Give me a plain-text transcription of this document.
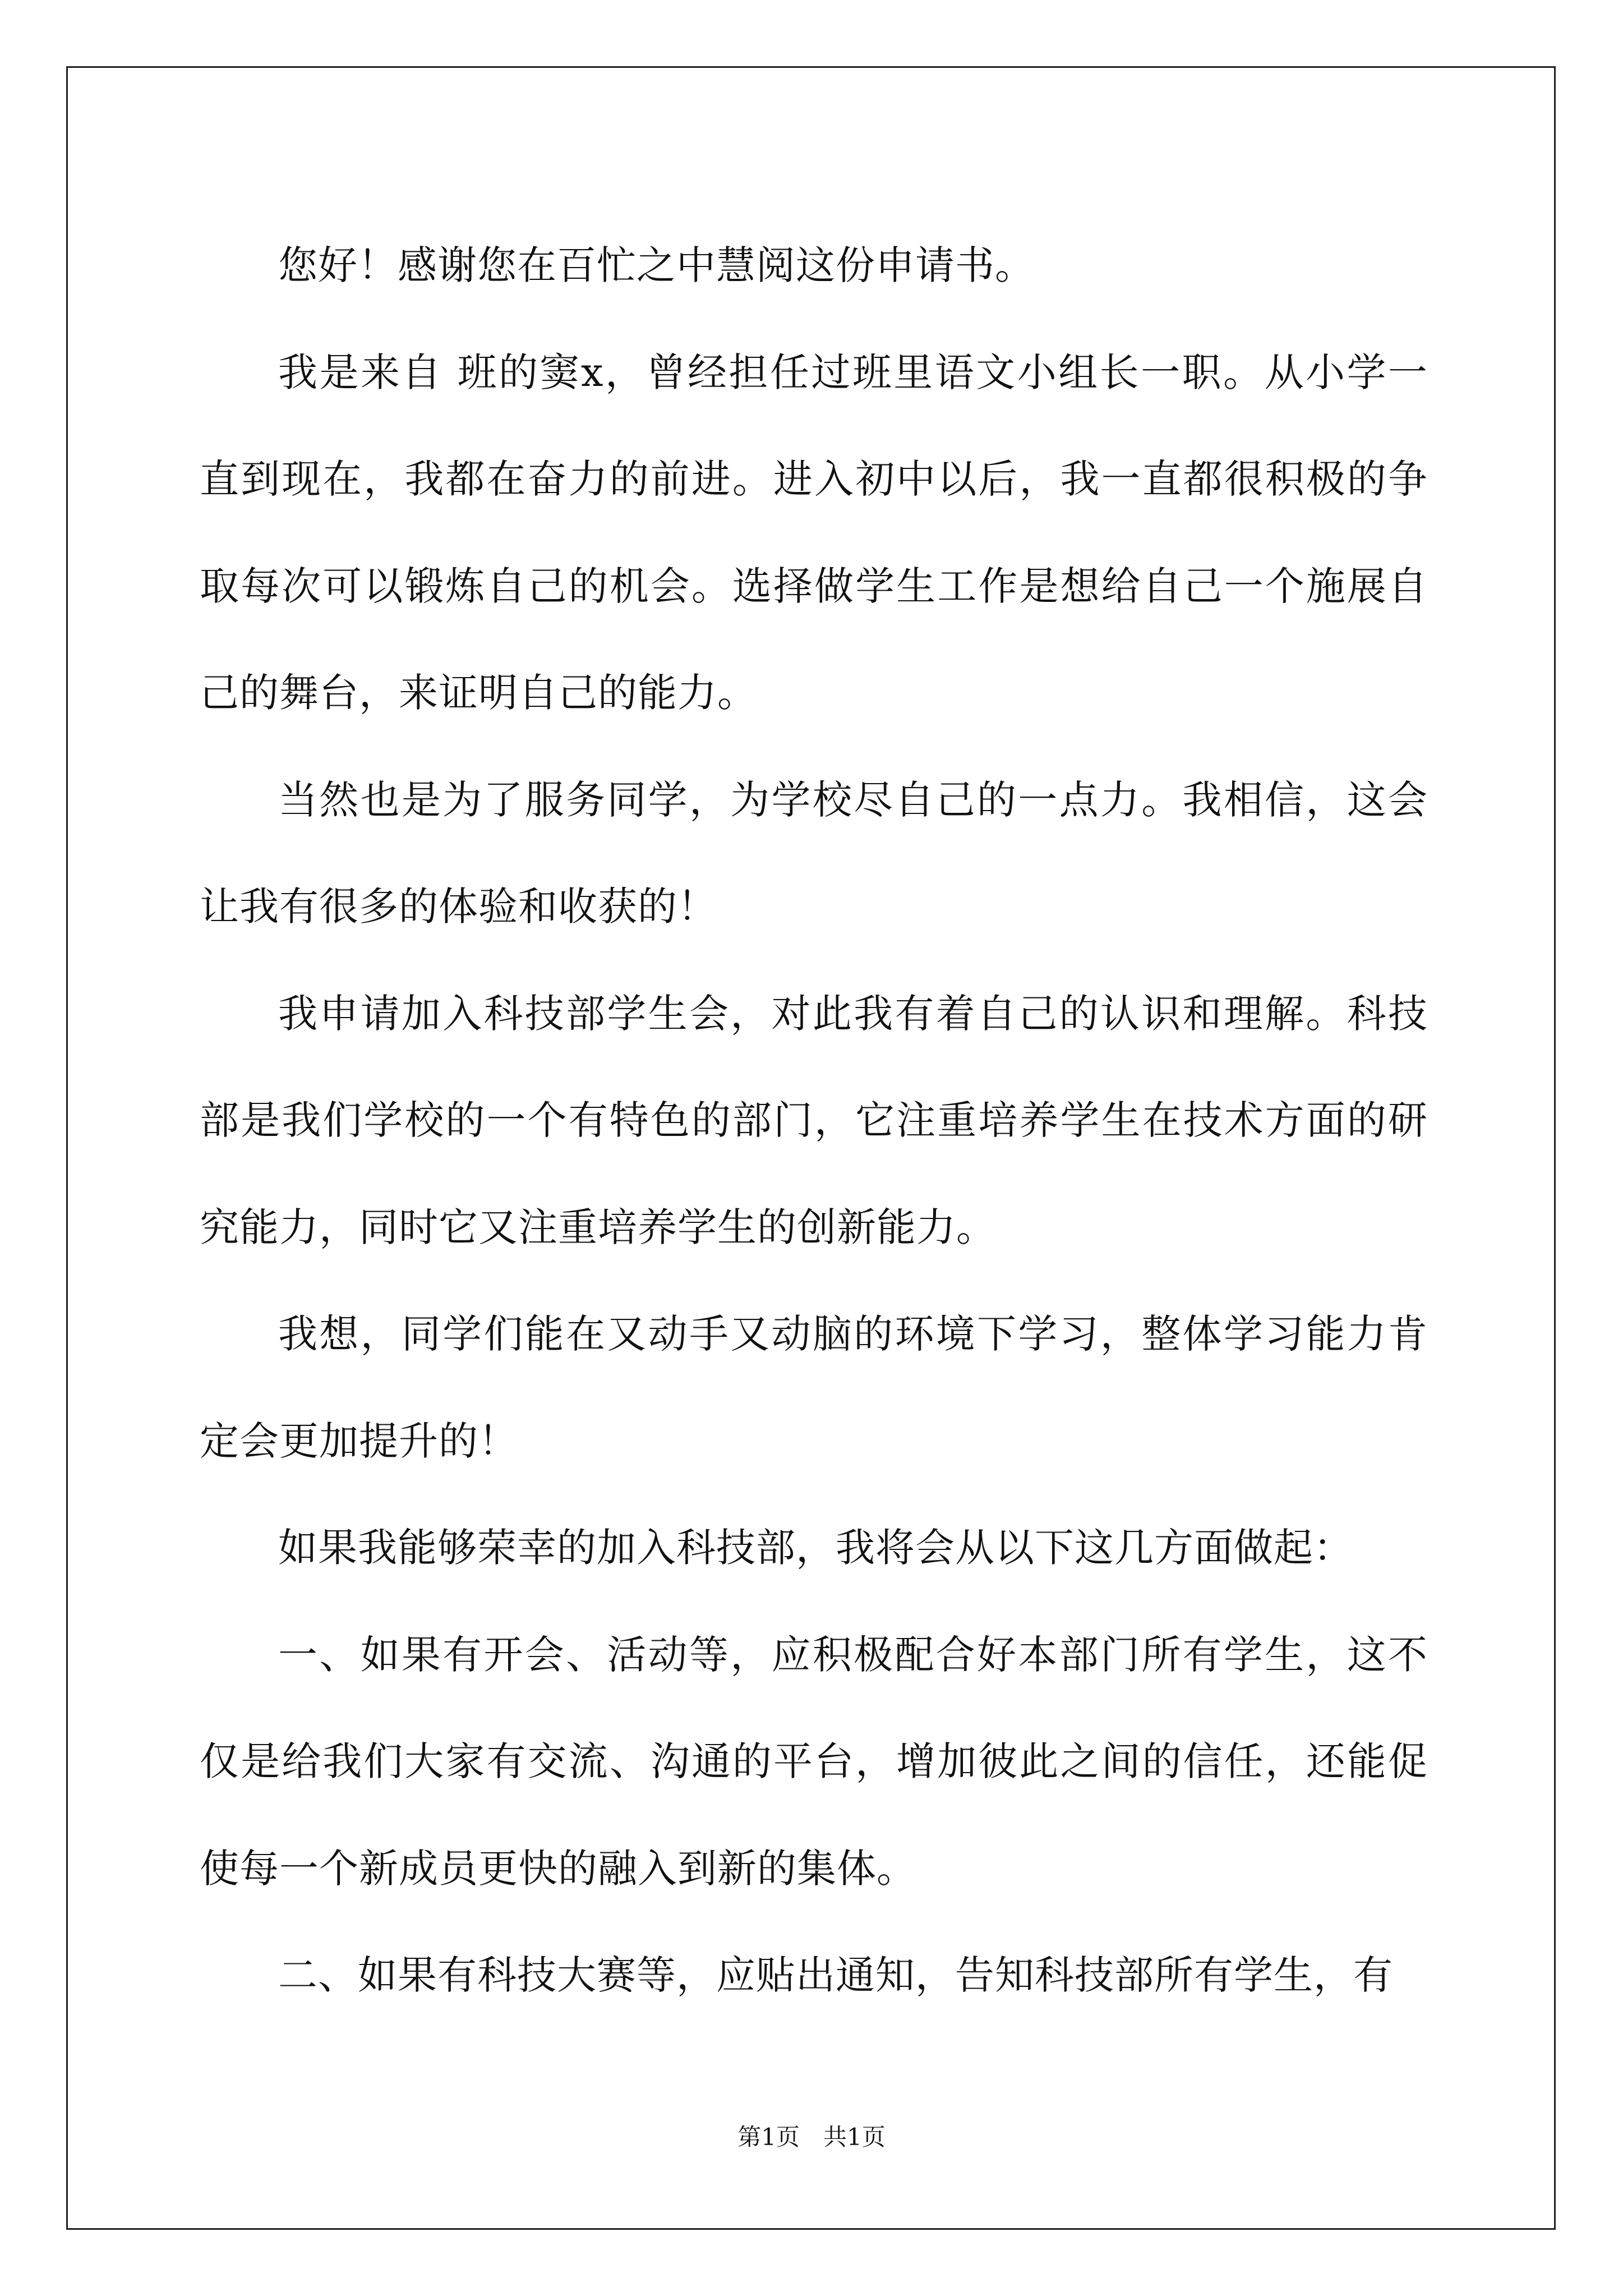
您好！感谢您在百忙之中慧阅这份申请书。

我是来自 班的窦x，曾经担任过班里语文小组长一职。从小学一直到现在，我都在奋力的前进。进入初中以后，我一直都很积极的争取每次可以锻炼自己的机会。选择做学生工作是想给自己一个施展自己的舞台，来证明自己的能力。

当然也是为了服务同学，为学校尽自己的一点力。我相信，这会让我有很多的体验和收获的！

我申请加入科技部学生会，对此我有着自己的认识和理解。科技部是我们学校的一个有特色的部门，它注重培养学生在技术方面的研究能力，同时它又注重培养学生的创新能力。

我想，同学们能在又动手又动脑的环境下学习，整体学习能力肯定会更加提升的！

如果我能够荣幸的加入科技部，我将会从以下这几方面做起：

一、如果有开会、活动等，应积极配合好本部门所有学生，这不仅是给我们大家有交流、沟通的平台，增加彼此之间的信任，还能促使每一个新成员更快的融入到新的集体。

二、如果有科技大赛等，应贴出通知，告知科技部所有学生，有

第1页　共1页
